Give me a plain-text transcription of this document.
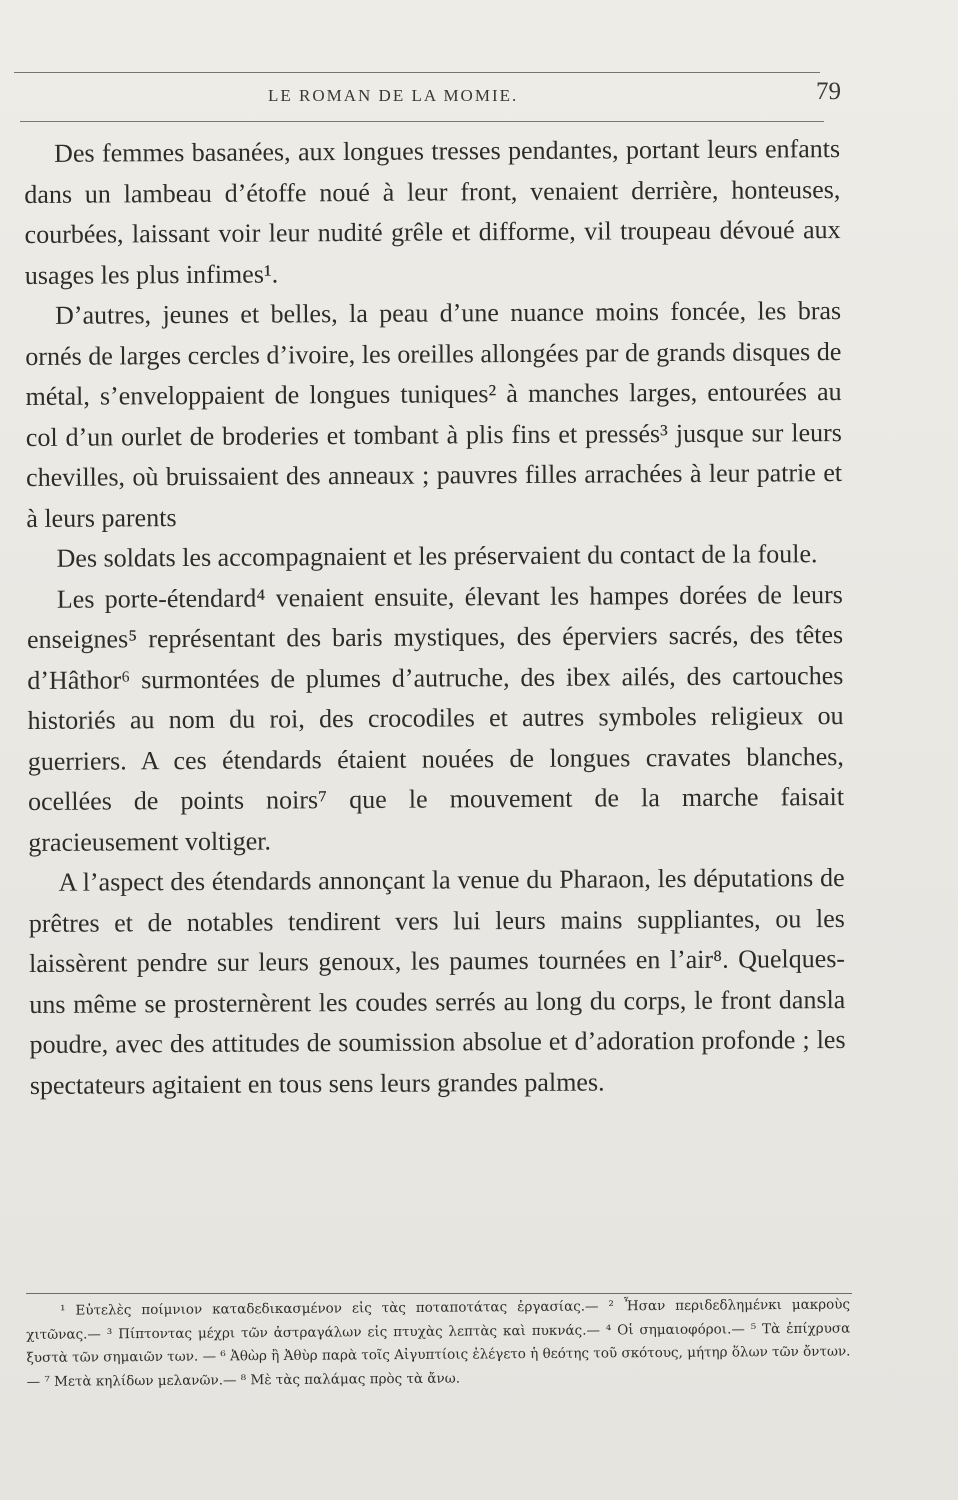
LE ROMAN DE LA MOMIE.	79

Des femmes basanées, aux longues tresses pendantes, portant leurs enfants dans un lambeau d’étoffe noué à leur front, venaient derrière, honteuses, courbées, laissant voir leur nudité grêle et difforme, vil troupeau dévoué aux usages les plus infimes¹.

D’autres, jeunes et belles, la peau d’une nuance moins foncée, les bras ornés de larges cercles d’ivoire, les oreilles allongées par de grands disques de métal, s’enveloppaient de longues tuniques² à manches larges, entourées au col d’un ourlet de broderies et tombant à plis fins et pressés³ jusque sur leurs chevilles, où bruissaient des anneaux ; pauvres filles arrachées à leur patrie et à leurs parents

Des soldats les accompagnaient et les préservaient du contact de la foule.

Les porte-étendard⁴ venaient ensuite, élevant les hampes dorées de leurs enseignes⁵ représentant des baris mystiques, des éperviers sacrés, des têtes d’Hâthor⁶ surmontées de plumes d’autruche, des ibex ailés, des cartouches historiés au nom du roi, des crocodiles et autres symboles religieux ou guerriers. A ces étendards étaient nouées de longues cravates blanches, ocellées de points noirs⁷ que le mouvement de la marche faisait gracieusement voltiger.

A l’aspect des étendards annonçant la venue du Pharaon, les députations de prêtres et de notables tendirent vers lui leurs mains suppliantes, ou les laissèrent pendre sur leurs genoux, les paumes tournées en l’air⁸. Quelques-uns même se prosternèrent les coudes serrés au long du corps, le front dansla poudre, avec des attitudes de soumission absolue et d’adoration profonde ; les spectateurs agitaient en tous sens leurs grandes palmes.

¹ Εὐτελὲς ποίμνιον καταδεδικασμένον εἰς τὰς ποταποτάτας ἐργασίας.— ² Ἦσαν περιδεδλημένκι μακροὺς χιτῶνας.— ³ Πίπτοντας μέχρι τῶν ἀστραγάλων εἰς πτυχὰς λεπτὰς καὶ πυκνάς.— ⁴ Οἱ σημαιοφόροι.— ⁵ Τὰ ἐπίχρυσα ξυστὰ τῶν σημαιῶν των. — ⁶ Ἀθὼρ ἢ Ἀθὺρ παρὰ τοῖς Αἰγυπτίοις ἐλέγετο ἡ θεότης τοῦ σκότους, μήτηρ ὅλων τῶν ὄντων.— ⁷ Μετὰ κηλίδων μελανῶν.— ⁸ Μὲ τὰς παλάμας πρὸς τὰ ἄνω.
